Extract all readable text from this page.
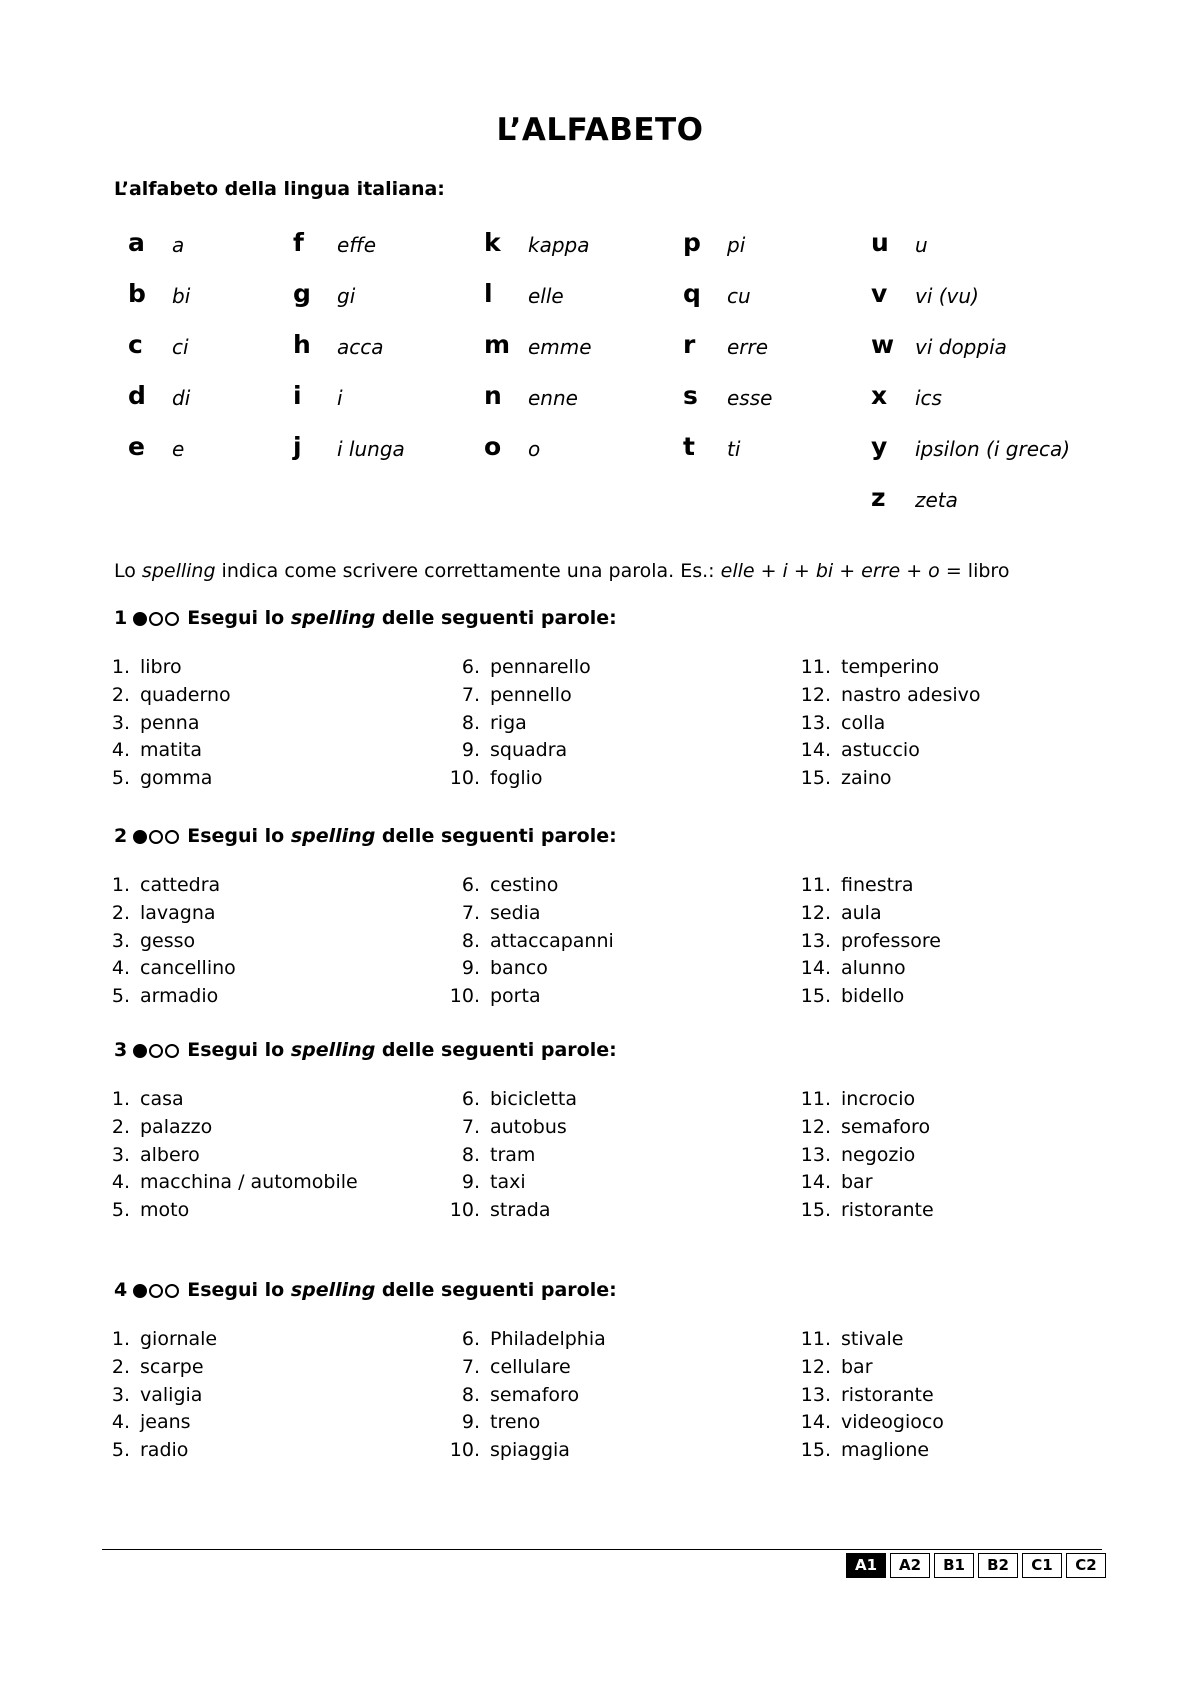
L’ALFABETO
L’alfabeto della lingua italiana:
a a
b bi
c ci
d di
e e
f effe
g gi
h acca
i i
j i lunga
k kappa
l elle
m emme
n enne
o o
p pi
q cu
r erre
s esse
t ti
u u
v vi (vu)
w vi doppia
x ics
y ipsilon (i greca)
z zeta
Lo spelling indica come scrivere correttamente una parola. Es.: elle + i + bi + erre + o = libro
1	Esegui lo spelling delle seguenti parole:
1. libro
2. quaderno
3. penna
4. matita
5. gomma
6. pennarello
7. pennello
8. riga
9. squadra
10. foglio
11. temperino
12. nastro adesivo
13. colla
14. astuccio
15. zaino
2	Esegui lo spelling delle seguenti parole:
1. cattedra
2. lavagna
3. gesso
4. cancellino
5. armadio
6. cestino
7. sedia
8. attaccapanni
9. banco
10. porta
11. finestra
12. aula
13. professore
14. alunno
15. bidello
3	Esegui lo spelling delle seguenti parole:
1. casa
2. palazzo
3. albero
4. macchina / automobile
5. moto
6. bicicletta
7. autobus
8. tram
9. taxi
10. strada
11. incrocio
12. semaforo
13. negozio
14. bar
15. ristorante
4	Esegui lo spelling delle seguenti parole:
1. giornale
2. scarpe
3. valigia
4. jeans
5. radio
6. Philadelphia
7. cellulare
8. semaforo
9. treno
10. spiaggia
11. stivale
12. bar
13. ristorante
14. videogioco
15. maglione
A1	A2	B1	B2	C1	C2
